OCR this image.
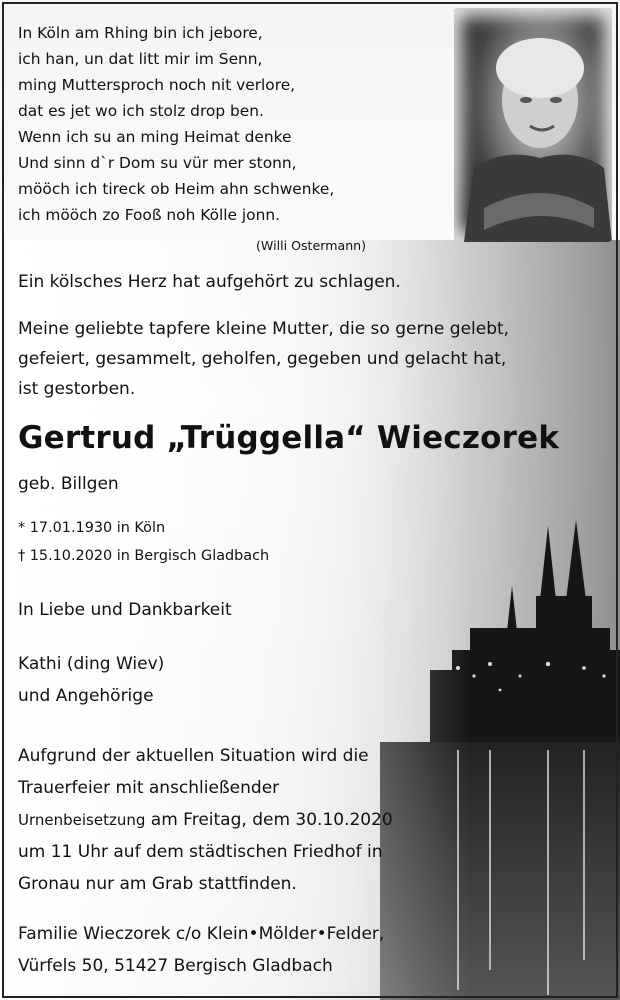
In Köln am Rhing bin ich jebore,
ich han, un dat litt mir im Senn,
ming Muttersproch noch nit verlore,
dat es jet wo ich stolz drop ben.
Wenn ich su an ming Heimat denke
Und sinn d`r Dom su vür mer stonn,
mööch ich tireck ob Heim ahn schwenke,
ich mööch zo Fooß noh Kölle jonn.
(Willi Ostermann)
Ein kölsches Herz hat aufgehört zu schlagen.
Meine geliebte tapfere kleine Mutter, die so gerne gelebt,
gefeiert, gesammelt, geholfen, gegeben und gelacht hat,
ist gestorben.
Gertrud „Trüggella“ Wieczorek
geb. Billgen
* 17.01.1930 in Köln
† 15.10.2020 in Bergisch Gladbach
In Liebe und Dankbarkeit
Kathi (ding Wiev)
und Angehörige
Aufgrund der aktuellen Situation wird die
Trauerfeier mit anschließender
Urnenbeisetzung am Freitag, dem 30.10.2020
um 11 Uhr auf dem städtischen Friedhof in
Gronau nur am Grab stattfinden.
Familie Wieczorek c/o Klein•Mölder•Felder,
Vürfels 50, 51427 Bergisch Gladbach
